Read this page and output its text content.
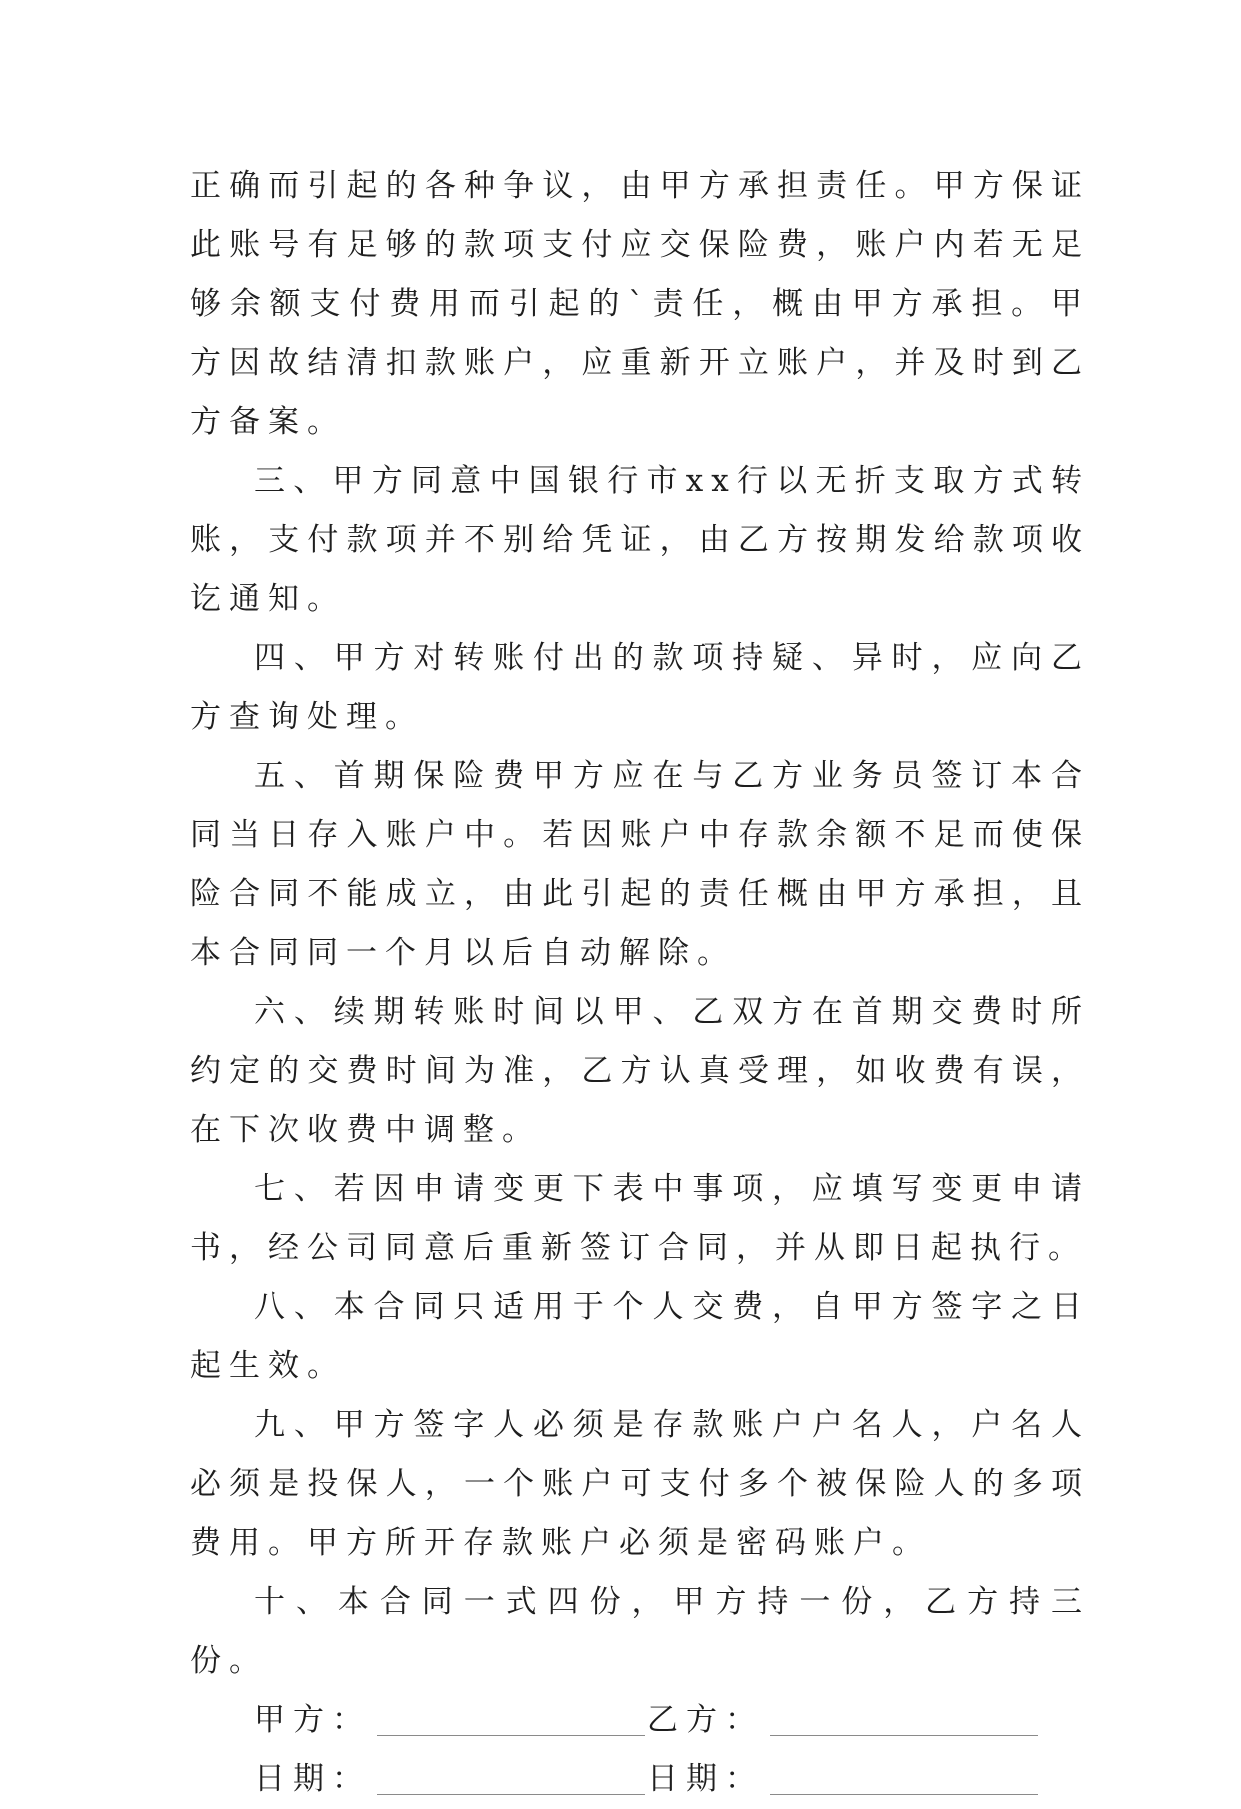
正确而引起的各种争议，由甲方承担责任。甲方保证此账号有足够的款项支付应交保险费，账户内若无足够余额支付费用而引起的`责任，概由甲方承担。甲方因故结清扣款账户，应重新开立账户，并及时到乙方备案。

三、甲方同意中国银行市xx行以无折支取方式转账，支付款项并不别给凭证，由乙方按期发给款项收讫通知。

四、甲方对转账付出的款项持疑、异时，应向乙方查询处理。

五、首期保险费甲方应在与乙方业务员签订本合同当日存入账户中。若因账户中存款余额不足而使保险合同不能成立，由此引起的责任概由甲方承担，且本合同同一个月以后自动解除。

六、续期转账时间以甲、乙双方在首期交费时所约定的交费时间为准，乙方认真受理，如收费有误，在下次收费中调整。

七、若因申请变更下表中事项，应填写变更申请书，经公司同意后重新签订合同，并从即日起执行。

八、本合同只适用于个人交费，自甲方签字之日起生效。

九、甲方签字人必须是存款账户户名人，户名人必须是投保人，一个账户可支付多个被保险人的多项费用。甲方所开存款账户必须是密码账户。

十、本合同一式四份，甲方持一份，乙方持三份。

甲方：	乙方：
日期：	日期：
